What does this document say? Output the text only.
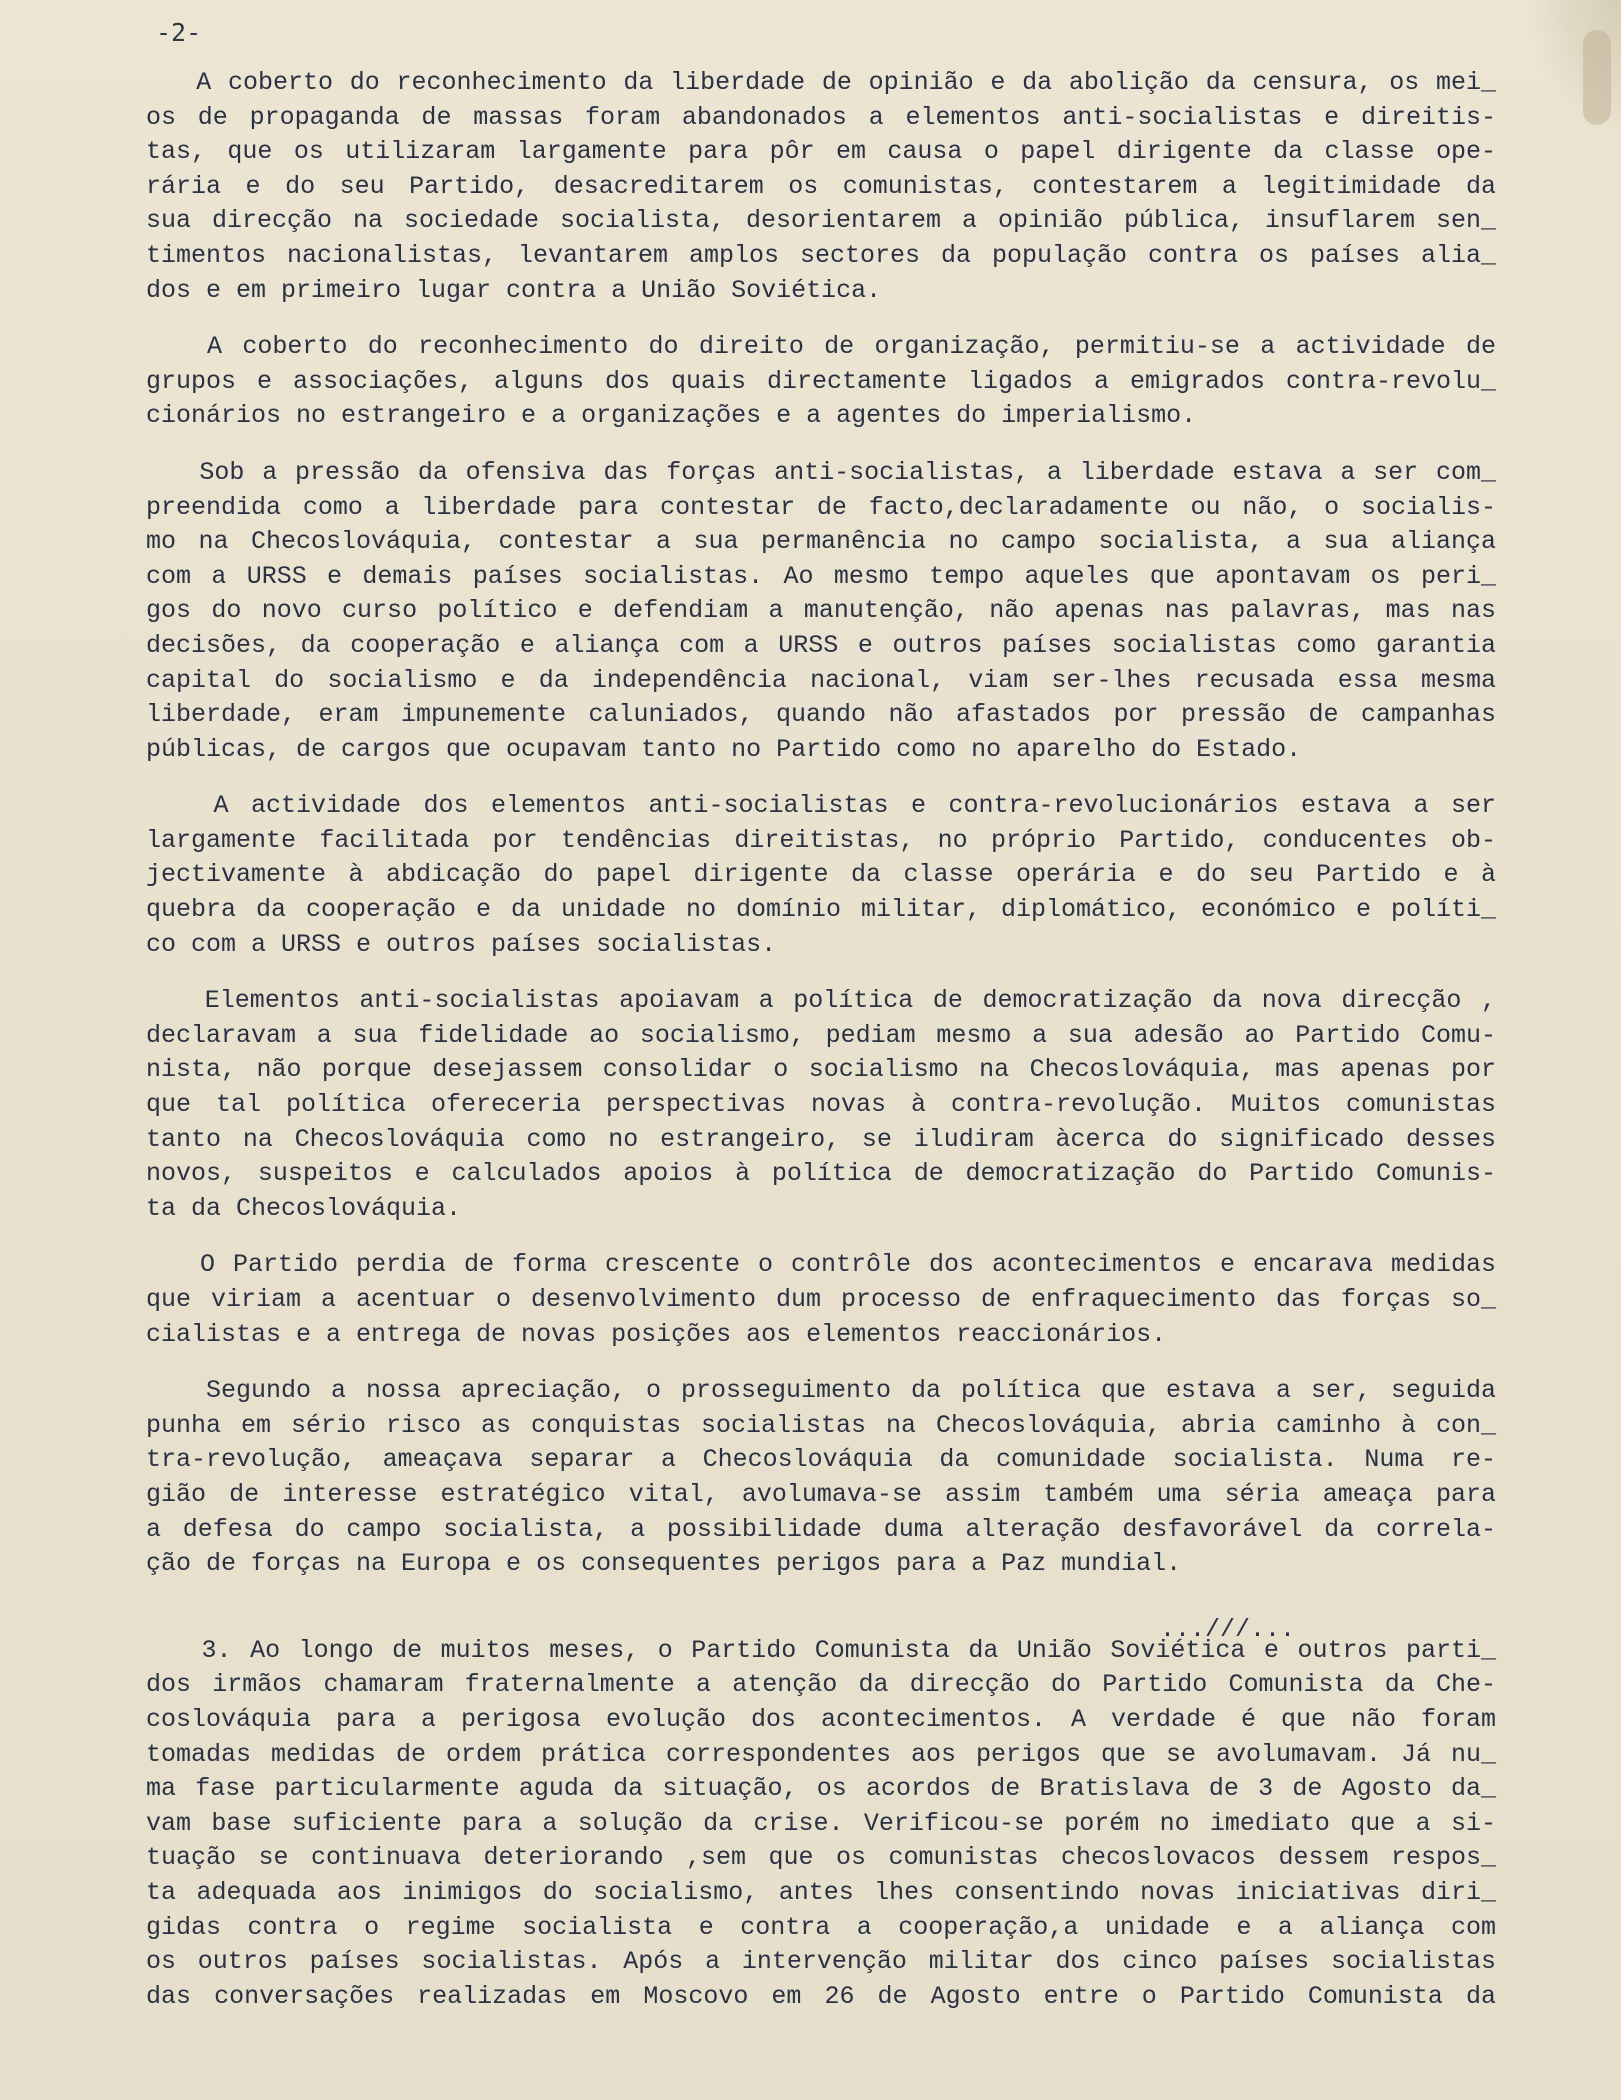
-2-
A coberto do reconhecimento da liberdade de opinião e da abolição da censura, os mei_
os de propaganda de massas foram abandonados a elementos anti-socialistas e direitis-
tas, que os utilizaram largamente para pôr em causa o papel dirigente da classe ope-
rária e do seu Partido, desacreditarem os comunistas, contestarem a legitimidade da
sua direcção na sociedade socialista, desorientarem a opinião pública, insuflarem sen_
timentos nacionalistas, levantarem amplos sectores da população contra os países alia_
dos e em primeiro lugar contra a União Soviética.
A coberto do reconhecimento do direito de organização, permitiu-se a actividade de
grupos e associações, alguns dos quais directamente ligados a emigrados contra-revolu_
cionários no estrangeiro e a organizações e a agentes do imperialismo.
Sob a pressão da ofensiva das forças anti-socialistas, a liberdade estava a ser com_
preendida como a liberdade para contestar de facto,declaradamente ou não, o socialis-
mo na Checoslováquia, contestar a sua permanência no campo socialista, a sua aliança
com a URSS e demais países socialistas. Ao mesmo tempo aqueles que apontavam os peri_
gos do novo curso político e defendiam a manutenção, não apenas nas palavras, mas nas
decisões, da cooperação e aliança com a URSS e outros países socialistas como garantia
capital do socialismo e da independência nacional, viam ser-lhes recusada essa mesma
liberdade, eram impunemente caluniados, quando não afastados por pressão de campanhas
públicas, de cargos que ocupavam tanto no Partido como no aparelho do Estado.
A actividade dos elementos anti-socialistas e contra-revolucionários estava a ser
largamente facilitada por tendências direitistas, no próprio Partido, conducentes ob-
jectivamente à abdicação do papel dirigente da classe operária e do seu Partido e à
quebra da cooperação e da unidade no domínio militar, diplomático, económico e políti_
co com a URSS e outros países socialistas.
Elementos anti-socialistas apoiavam a política de democratização da nova direcção ,
declaravam a sua fidelidade ao socialismo, pediam mesmo a sua adesão ao Partido Comu-
nista, não porque desejassem consolidar o socialismo na Checoslováquia, mas apenas por
que tal política ofereceria perspectivas novas à contra-revolução. Muitos comunistas
tanto na Checoslováquia como no estrangeiro, se iludiram àcerca do significado desses
novos, suspeitos e calculados apoios à política de democratização do Partido Comunis-
ta da Checoslováquia.
O Partido perdia de forma crescente o contrôle dos acontecimentos e encarava medidas
que viriam a acentuar o desenvolvimento dum processo de enfraquecimento das forças so_
cialistas e a entrega de novas posições aos elementos reaccionários.
Segundo a nossa apreciação, o prosseguimento da política que estava a ser, seguida
punha em sério risco as conquistas socialistas na Checoslováquia, abria caminho à con_
tra-revolução, ameaçava separar a Checoslováquia da comunidade socialista. Numa re-
gião de interesse estratégico vital, avolumava-se assim também uma séria ameaça para
a defesa do campo socialista, a possibilidade duma alteração desfavorável da correla-
ção de forças na Europa e os consequentes perigos para a Paz mundial.
3. Ao longo de muitos meses, o Partido Comunista da União Soviética e outros parti_
dos irmãos chamaram fraternalmente a atenção da direcção do Partido Comunista da Che-
coslováquia para a perigosa evolução dos acontecimentos. A verdade é que não foram
tomadas medidas de ordem prática correspondentes aos perigos que se avolumavam. Já nu_
ma fase particularmente aguda da situação, os acordos de Bratislava de 3 de Agosto da_
vam base suficiente para a solução da crise. Verificou-se porém no imediato que a si-
tuação se continuava deteriorando ,sem que os comunistas checoslovacos dessem respos_
ta adequada aos inimigos do socialismo, antes lhes consentindo novas iniciativas diri_
gidas contra o regime socialista e contra a cooperação,a unidade e a aliança com
os outros países socialistas. Após a intervenção militar dos cinco países socialistas
das conversações realizadas em Moscovo em 26 de Agosto entre o Partido Comunista da
...///...
